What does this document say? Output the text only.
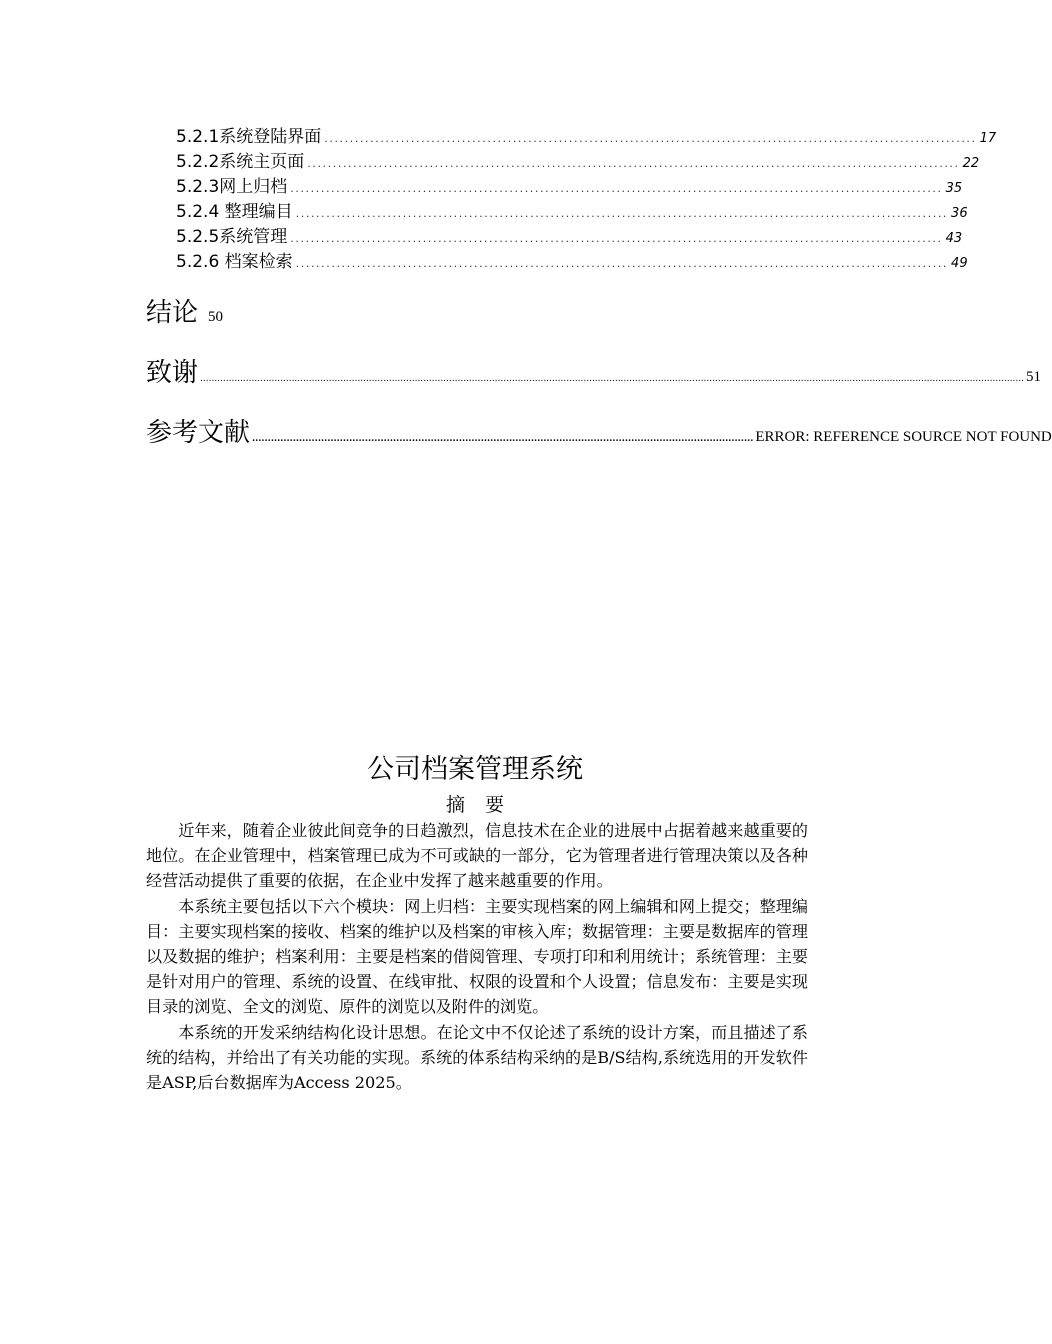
5.2.1系统登陆界面 ................................................................................................................................ 17
5.2.2系统主页面 ................................................................................................................................ 22
5.2.3网上归档 ................................................................................................................................ 35
5.2.4 整理编目 ................................................................................................................................ 36
5.2.5系统管理 ................................................................................................................................ 43
5.2.6 档案检索 ................................................................................................................................ 49
结论 50
致谢 ................................................................................................................................................................................................................................................................................................ 51
参考文献 ................................................................................................................................................................ ERROR: REFERENCE SOURCE NOT FOUND
公司档案管理系统
摘要

近年来，随着企业彼此间竞争的日趋激烈，信息技术在企业的进展中占据着越来越重要的地位。在企业管理中，档案管理已成为不可或缺的一部分，它为管理者进行管理决策以及各种经营活动提供了重要的依据，在企业中发挥了越来越重要的作用。

本系统主要包括以下六个模块：网上归档：主要实现档案的网上编辑和网上提交；整理编目：主要实现档案的接收、档案的维护以及档案的审核入库；数据管理：主要是数据库的管理以及数据的维护；档案利用：主要是档案的借阅管理、专项打印和利用统计；系统管理：主要是针对用户的管理、系统的设置、在线审批、权限的设置和个人设置；信息发布：主要是实现目录的浏览、全文的浏览、原件的浏览以及附件的浏览。

本系统的开发采纳结构化设计思想。在论文中不仅论述了系统的设计方案，而且描述了系统的结构，并给出了有关功能的实现。系统的体系结构采纳的是B/S结构,系统选用的开发软件是ASP,后台数据库为Access 2025。
